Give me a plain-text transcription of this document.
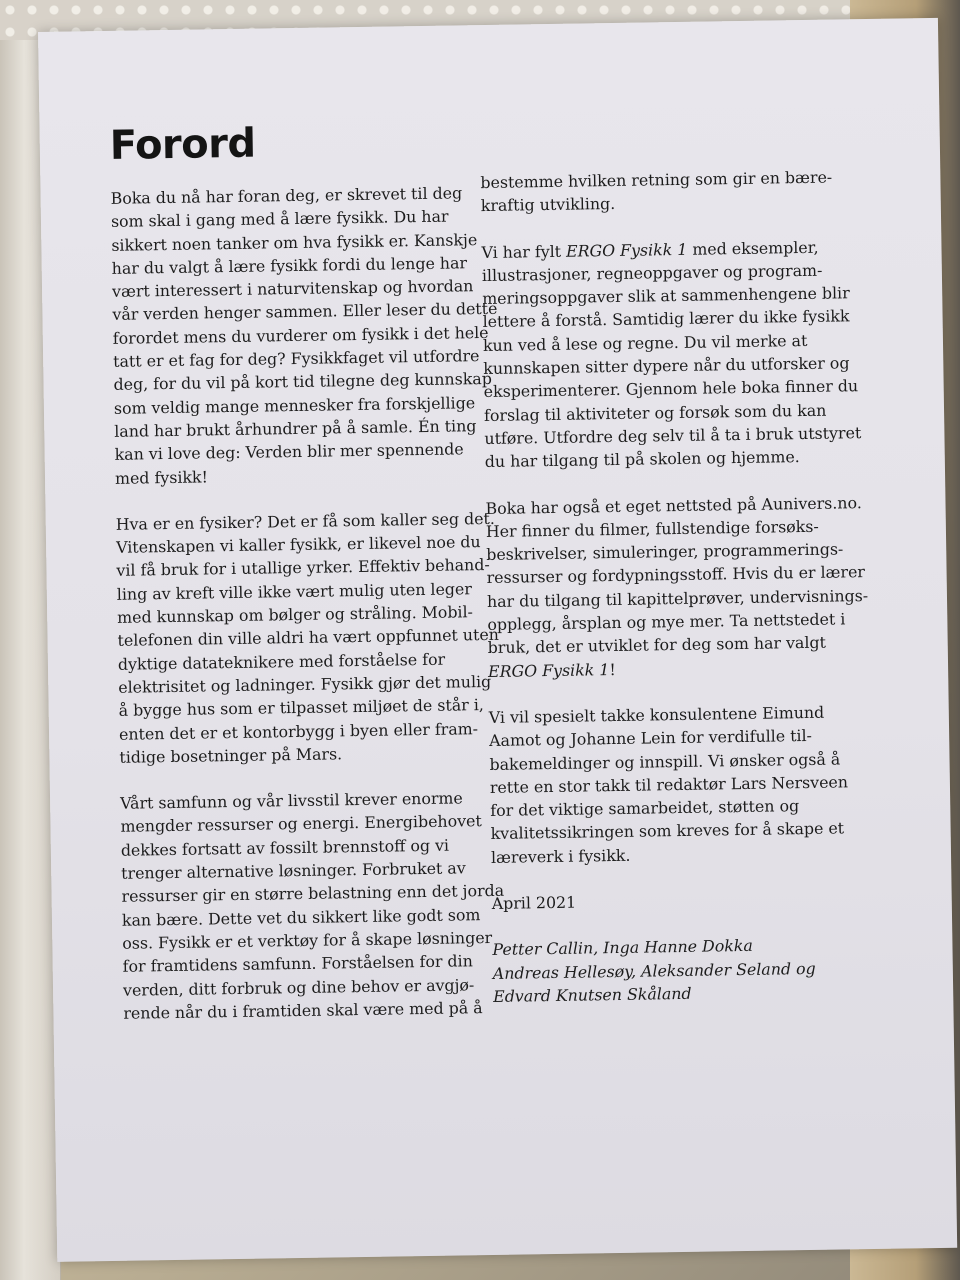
Forord

Boka du nå har foran deg, er skrevet til deg
som skal i gang med å lære fysikk. Du har
sikkert noen tanker om hva fysikk er. Kanskje
har du valgt å lære fysikk fordi du lenge har
vært interessert i naturvitenskap og hvordan
vår verden henger sammen. Eller leser du dette
forordet mens du vurderer om fysikk i det hele
tatt er et fag for deg? Fysikkfaget vil utfordre
deg, for du vil på kort tid tilegne deg kunnskap
som veldig mange mennesker fra forskjellige
land har brukt århundrer på å samle. Én ting
kan vi love deg: Verden blir mer spennende
med fysikk!

Hva er en fysiker? Det er få som kaller seg det.
Vitenskapen vi kaller fysikk, er likevel noe du
vil få bruk for i utallige yrker. Effektiv behand-
ling av kreft ville ikke vært mulig uten leger
med kunnskap om bølger og stråling. Mobil-
telefonen din ville aldri ha vært oppfunnet uten
dyktige datateknikere med forståelse for
elektrisitet og ladninger. Fysikk gjør det mulig
å bygge hus som er tilpasset miljøet de står i,
enten det er et kontorbygg i byen eller fram-
tidige bosetninger på Mars.

Vårt samfunn og vår livsstil krever enorme
mengder ressurser og energi. Energibehovet
dekkes fortsatt av fossilt brennstoff og vi
trenger alternative løsninger. Forbruket av
ressurser gir en større belastning enn det jorda
kan bære. Dette vet du sikkert like godt som
oss. Fysikk er et verktøy for å skape løsninger
for framtidens samfunn. Forståelsen for din
verden, ditt forbruk og dine behov er avgjø-
rende når du i framtiden skal være med på å

bestemme hvilken retning som gir en bære-
kraftig utvikling.

Vi har fylt ERGO Fysikk 1 med eksempler,
illustrasjoner, regneoppgaver og program-
meringsoppgaver slik at sammenhengene blir
lettere å forstå. Samtidig lærer du ikke fysikk
kun ved å lese og regne. Du vil merke at
kunnskapen sitter dypere når du utforsker og
eksperimenterer. Gjennom hele boka finner du
forslag til aktiviteter og forsøk som du kan
utføre. Utfordre deg selv til å ta i bruk utstyret
du har tilgang til på skolen og hjemme.

Boka har også et eget nettsted på Aunivers.no.
Her finner du filmer, fullstendige forsøks-
beskrivelser, simuleringer, programmerings-
ressurser og fordypningsstoff. Hvis du er lærer
har du tilgang til kapittelprøver, undervisnings-
opplegg, årsplan og mye mer. Ta nettstedet i
bruk, det er utviklet for deg som har valgt
ERGO Fysikk 1!

Vi vil spesielt takke konsulentene Eimund
Aamot og Johanne Lein for verdifulle til-
bakemeldinger og innspill. Vi ønsker også å
rette en stor takk til redaktør Lars Nersveen
for det viktige samarbeidet, støtten og
kvalitetssikringen som kreves for å skape et
læreverk i fysikk.

April 2021

Petter Callin, Inga Hanne Dokka
Andreas Hellesøy, Aleksander Seland og
Edvard Knutsen Skåland
